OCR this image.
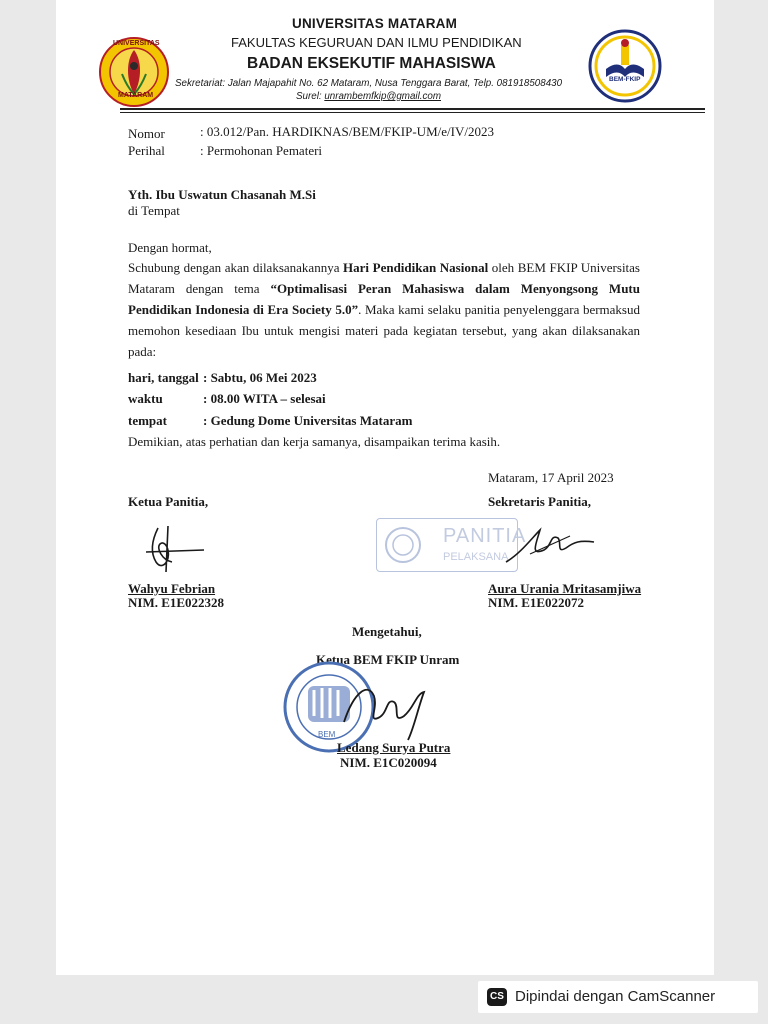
UNIVERSITAS
MATARAM
BEM-FKIP
UNIVERSITAS MATARAM
FAKULTAS KEGURUAN DAN ILMU PENDIDIKAN
BADAN EKSEKUTIF MAHASISWA
Sekretariat: Jalan Majapahit No. 62 Mataram, Nusa Tenggara Barat, Telp. 081918508430
Surel: unrambemfkip@gmail.com
Nomor	: 03.012/Pan. HARDIKNAS/BEM/FKIP-UM/e/IV/2023
Perihal	: Permohonan Pemateri
Yth. Ibu Uswatun Chasanah M.Si
di Tempat
Dengan hormat,
Schubung dengan akan dilaksanakannya Hari Pendidikan Nasional oleh BEM FKIP Universitas Mataram dengan tema “Optimalisasi Peran Mahasiswa dalam Menyongsong Mutu Pendidikan Indonesia di Era Society 5.0”. Maka kami selaku panitia penyelenggara bermaksud memohon kesediaan Ibu untuk mengisi materi pada kegiatan tersebut, yang akan dilaksanakan pada:
hari, tanggal : Sabtu, 06 Mei 2023
waktu	: 08.00 WITA – selesai
tempat	: Gedung Dome Universitas Mataram
Demikian, atas perhatian dan kerja samanya, disampaikan terima kasih.
Mataram, 17 April 2023
Ketua Panitia,
Wahyu Febrian
NIM. E1E022328
Sekretaris Panitia,
PANITIA
PELAKSANA
Aura Urania Mritasamjiwa
NIM. E1E022072
Mengetahui,
Ketua BEM FKIP Unram
BEM
Ledang Surya Putra
NIM. E1C020094
CS Dipindai dengan CamScanner
